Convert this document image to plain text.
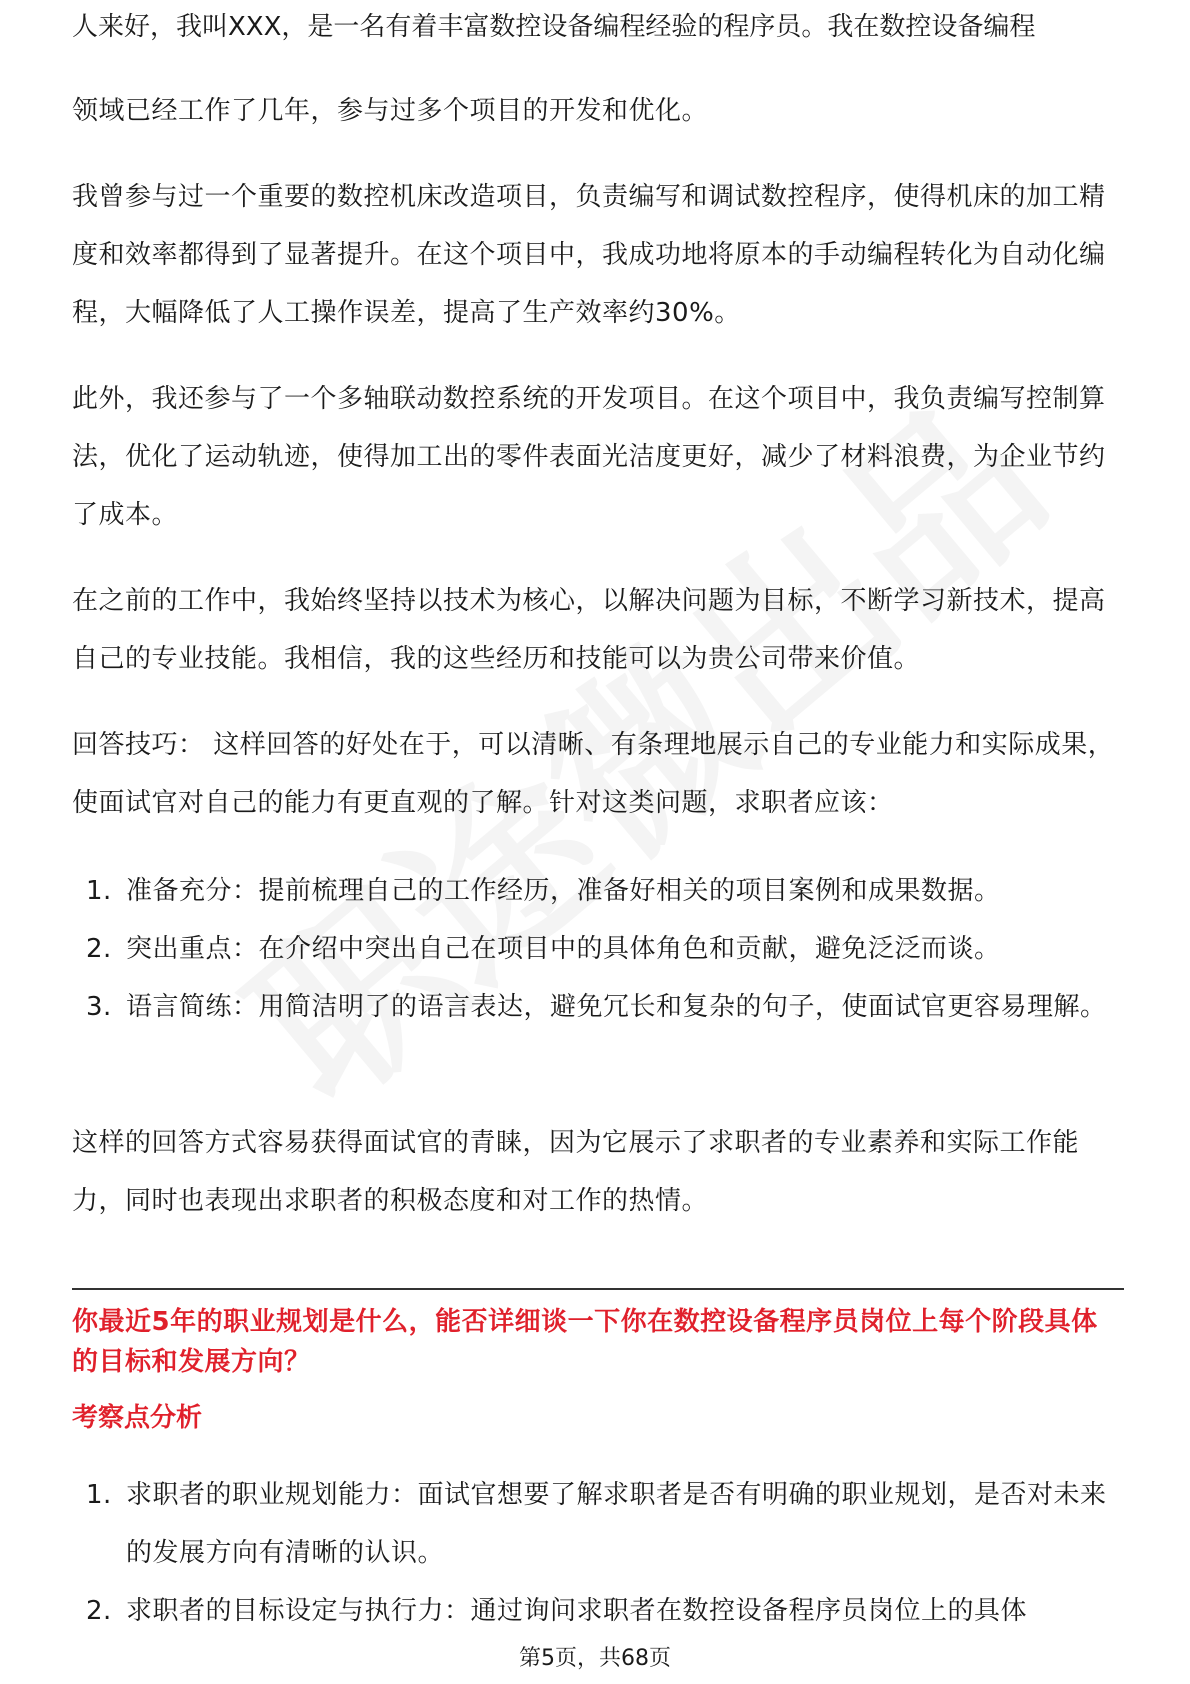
人来好，我叫XXX，是一名有着丰富数控设备编程经验的程序员。我在数控设备编程

领域已经工作了几年，参与过多个项目的开发和优化。

我曾参与过一个重要的数控机床改造项目，负责编写和调试数控程序，使得机床的加工精度和效率都得到了显著提升。在这个项目中，我成功地将原本的手动编程转化为自动化编程，大幅降低了人工操作误差，提高了生产效率约30%。

此外，我还参与了一个多轴联动数控系统的开发项目。在这个项目中，我负责编写控制算法，优化了运动轨迹，使得加工出的零件表面光洁度更好，减少了材料浪费，为企业节约了成本。

在之前的工作中，我始终坚持以技术为核心，以解决问题为目标，不断学习新技术，提高自己的专业技能。我相信，我的这些经历和技能可以为贵公司带来价值。

回答技巧： 这样回答的好处在于，可以清晰、有条理地展示自己的专业能力和实际成果，使面试官对自己的能力有更直观的了解。针对这类问题，求职者应该：

1. 准备充分：提前梳理自己的工作经历，准备好相关的项目案例和成果数据。
2. 突出重点：在介绍中突出自己在项目中的具体角色和贡献，避免泛泛而谈。
3. 语言简练：用简洁明了的语言表达，避免冗长和复杂的句子，使面试官更容易理解。

这样的回答方式容易获得面试官的青睐，因为它展示了求职者的专业素养和实际工作能力，同时也表现出求职者的积极态度和对工作的热情。

你最近5年的职业规划是什么，能否详细谈一下你在数控设备程序员岗位上每个阶段具体的目标和发展方向？
考察点分析
1. 求职者的职业规划能力：面试官想要了解求职者是否有明确的职业规划，是否对未来的发展方向有清晰的认识。
2. 求职者的目标设定与执行力：通过询问求职者在数控设备程序员岗位上的具体
第5页，共68页
